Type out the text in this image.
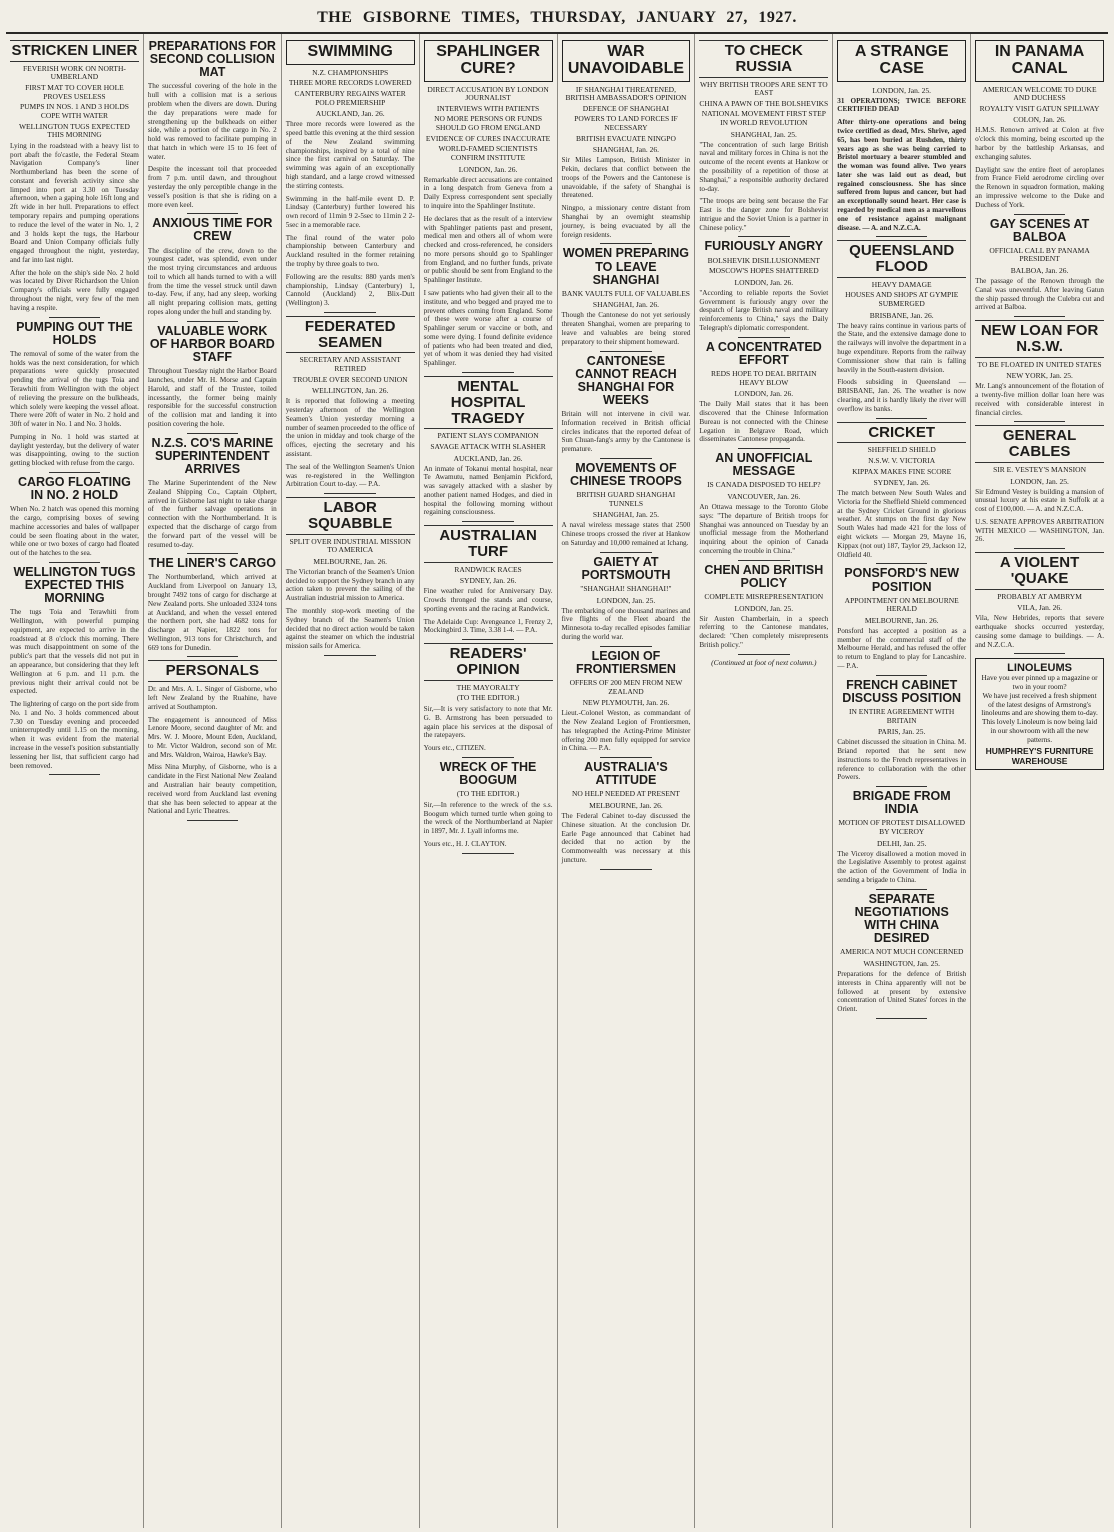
THE GISBORNE TIMES, THURSDAY, JANUARY 27, 1927.
STRICKEN LINER
FEVERISH WORK ON NORTH-UMBERLAND
FIRST MAT TO COVER HOLE PROVES USELESS
PUMPS IN NOS. 1 AND 3 HOLDS COPE WITH WATER
WELLINGTON TUGS EXPECTED THIS MORNING

Lying in the roadstead with a heavy list to port abaft the fo'castle, the Federal Steam Navigation Company's liner Northumberland has been the scene of constant and feverish activity since she limped into port at 3.30 on Tuesday afternoon, when a gaping hole 16ft long and 2ft wide in her hull. Preparations to effect temporary repairs and pumping operations to reduce the level of the water in No. 1, 2 and 3 holds kept the tugs, the Harbour Board and Union Company officials fully engaged throughout the night, yesterday, and far into last night.

After the hole on the ship's side No. 2 hold was located by Diver Richardson the Union Company's officials were fully engaged throughout the night, very few of the men having a respite.

PUMPING OUT THE HOLDS

The removal of some of the water from the holds was the next consideration, for which preparations were quickly prosecuted pending the arrival of the tugs Toia and Terawhiti from Wellington with the object of relieving the pressure on the bulkheads, which solely were keeping the vessel afloat. There were 20ft of water in No. 2 hold and 30ft of water in No. 1 and No. 3 holds.

Pumping in No. 1 hold was started at daylight yesterday, but the delivery of water was disappointing, owing to the suction getting blocked with refuse from the cargo.

CARGO FLOATING IN NO. 2 HOLD

When No. 2 hatch was opened this morning the cargo, comprising boxes of sewing machine accessories and bales of wallpaper could be seen floating about in the water, while one or two boxes of cargo had floated out of the hatches to the sea.

WELLINGTON TUGS EXPECTED THIS MORNING

The tugs Toia and Terawhiti from Wellington, with powerful pumping equipment, are expected to arrive in the roadstead at 8 o'clock this morning. There was much disappointment on some of the public's part that the vessels did not put in an appearance, but considering that they left Wellington at 6 p.m. and 11 p.m. the previous night their arrival could not be expected.

The lightering of cargo on the port side from No. 1 and No. 3 holds commenced about 7.30 on Tuesday evening and proceeded uninterruptedly until 1.15 on the morning, when it was evident from the material increase in the vessel's position substantially lessening her list, that sufficient cargo had been removed.

PREPARATIONS FOR SECOND COLLISION MAT

The successful covering of the hole in the hull with a collision mat is a serious problem when the divers are down. During the day preparations were made for strengthening up the bulkheads on either side, while a portion of the cargo in No. 2 hold was removed to facilitate pumping in that hatch in which were 15 to 16 feet of water.

Despite the incessant toil that proceeded from 7 p.m. until dawn, and throughout yesterday the only perceptible change in the vessel's position is that she is riding on a more even keel.

ANXIOUS TIME FOR CREW

The discipline of the crew, down to the youngest cadet, was splendid, even under the most trying circumstances and arduous toil to which all hands turned to with a will from the time the vessel struck until dawn to-day. Few, if any, had any sleep, working all night preparing collision mats, getting ropes along under the hull and standing by.

VALUABLE WORK OF HARBOR BOARD STAFF

Throughout Tuesday night the Harbor Board launches, under Mr. H. Morse and Captain Harold, and staff of the Trustee, toiled incessantly, the former being mainly responsible for the successful construction of the collision mat and landing it into position covering the hole.

N.Z.S. CO'S MARINE SUPERINTENDENT ARRIVES

The Marine Superintendent of the New Zealand Shipping Co., Captain Olphert, arrived in Gisborne last night to take charge of the further salvage operations in connection with the Northumberland. It is expected that the discharge of cargo from the forward part of the vessel will be resumed to-day.

THE LINER'S CARGO

The Northumberland, which arrived at Auckland from Liverpool on January 13, brought 7492 tons of cargo for discharge at New Zealand ports. She unloaded 3324 tons at Auckland, and when the vessel entered the northern port, she had 4682 tons for discharge at Napier, 1822 tons for Wellington, 913 tons for Christchurch, and 669 tons for Dunedin.

PERSONALS

Dr. and Mrs. A. L. Singer of Gisborne, who left New Zealand by the Ruahine, have arrived at Southampton.

The engagement is announced of Miss Lenore Moore, second daughter of Mr. and Mrs. W. J. Moore, Mount Eden, Auckland, to Mr. Victor Waldron, second son of Mr. and Mrs. Waldron, Wairoa, Hawke's Bay.

Miss Nina Murphy, of Gisborne, who is a candidate in the First National New Zealand and Australian hair beauty competition, received word from Auckland last evening that she has been selected to appear at the National and Lyric Theatres.

SWIMMING
N.Z. CHAMPIONSHIPS
THREE MORE RECORDS LOWERED
CANTERBURY REGAINS WATER POLO PREMIERSHIP
AUCKLAND, Jan. 26.

Three more records were lowered as the speed battle this evening at the third session of the New Zealand swimming championships, inspired by a total of nine since the first carnival on Saturday. The swimming was again of an exceptionally high standard, and a large crowd witnessed the stirring contests.

Swimming in the half-mile event D. P. Lindsay (Canterbury) further lowered his own record of 11min 9 2-5sec to 11min 2 2-5sec in a memorable race.

The final round of the water polo championship between Canterbury and Auckland resulted in the former retaining the trophy by three goals to two.

Following are the results: 880 yards men's championship, Lindsay (Canterbury) 1, Cannold (Auckland) 2, Blix-Dutt (Wellington) 3.

FEDERATED SEAMEN
SECRETARY AND ASSISTANT RETIRED
TROUBLE OVER SECOND UNION
WELLINGTON, Jan. 26.

It is reported that following a meeting yesterday afternoon of the Wellington Seamen's Union yesterday morning a number of seamen proceeded to the office of the union in midday and took charge of the offices, ejecting the secretary and his assistant.

The seal of the Wellington Seamen's Union was re-registered in the Wellington Arbitration Court to-day. — P.A.

LABOR SQUABBLE
SPLIT OVER INDUSTRIAL MISSION TO AMERICA
MELBOURNE, Jan. 26.

The Victorian branch of the Seamen's Union decided to support the Sydney branch in any action taken to prevent the sailing of the Australian industrial mission to America.

The monthly stop-work meeting of the Sydney branch of the Seamen's Union decided that no direct action would be taken against the steamer on which the industrial mission sails for America.

SPAHLINGER CURE?
DIRECT ACCUSATION BY LONDON JOURNALIST
INTERVIEWS WITH PATIENTS
NO MORE PERSONS OR FUNDS SHOULD GO FROM ENGLAND
EVIDENCE OF CURES INACCURATE
WORLD-FAMED SCIENTISTS CONFIRM INSTITUTE
LONDON, Jan. 26.

Remarkable direct accusations are contained in a long despatch from Geneva from a Daily Express correspondent sent specially to inquire into the Spahlinger Institute.

He declares that as the result of a interview with Spahlinger patients past and present, medical men and others all of whom were checked and cross-referenced, he considers no more persons should go to Spahlinger from England, and no further funds, private or public should be sent from England to the Spahlinger Institute.

I saw patients who had given their all to the institute, and who begged and prayed me to prevent others coming from England. Some of these were worse after a course of Spahlinger serum or vaccine or both, and some were dying. I found definite evidence of patients who had been treated and died, yet of whom it was denied they had visited Spahlinger.

MENTAL HOSPITAL TRAGEDY
PATIENT SLAYS COMPANION
SAVAGE ATTACK WITH SLASHER
AUCKLAND, Jan. 26.

An inmate of Tokanui mental hospital, near Te Awamutu, named Benjamin Pickford, was savagely attacked with a slasher by another patient named Hodges, and died in hospital the following morning without regaining consciousness.

AUSTRALIAN TURF
RANDWICK RACES
SYDNEY, Jan. 26.

Fine weather ruled for Anniversary Day. Crowds thronged the stands and course, sporting events and the racing at Randwick.

The Adelaide Cup: Avengeance 1, Frenzy 2, Mockingbird 3. Time, 3.38 1-4. — P.A.

READERS' OPINION
THE MAYORALTY
(TO THE EDITOR.)

Sir,—It is very satisfactory to note that Mr. G. B. Armstrong has been persuaded to again place his services at the disposal of the ratepayers.

Yours etc., CITIZEN.

WRECK OF THE BOOGUM
(TO THE EDITOR.)

Sir,—In reference to the wreck of the s.s. Boogum which turned turtle when going to the wreck of the Northumberland at Napier in 1897, Mr. J. Lyall informs me.

Yours etc., H. J. CLAYTON.

WAR UNAVOIDABLE
IF SHANGHAI THREATENED, BRITISH AMBASSADOR'S OPINION
DEFENCE OF SHANGHAI
POWERS TO LAND FORCES IF NECESSARY
BRITISH EVACUATE NINGPO
SHANGHAI, Jan. 26.

Sir Miles Lampson, British Minister in Pekin, declares that conflict between the troops of the Powers and the Cantonese is unavoidable, if the safety of Shanghai is threatened.

Ningpo, a missionary centre distant from Shanghai by an overnight steamship journey, is being evacuated by all the foreign residents.

WOMEN PREPARING TO LEAVE SHANGHAI
BANK VAULTS FULL OF VALUABLES
SHANGHAI, Jan. 26.

Though the Cantonese do not yet seriously threaten Shanghai, women are preparing to leave and valuables are being stored preparatory to their shipment homeward.

CANTONESE CANNOT REACH SHANGHAI FOR WEEKS

Britain will not intervene in civil war. Information received in British official circles indicates that the reported defeat of Sun Chuan-fang's army by the Cantonese is premature.

MOVEMENTS OF CHINESE TROOPS
BRITISH GUARD SHANGHAI TUNNELS
SHANGHAI, Jan. 25.

A naval wireless message states that 2500 Chinese troops crossed the river at Hankow on Saturday and 10,000 remained at Ichang.

GAIETY AT PORTSMOUTH
"SHANGHAI! SHANGHAI!"
LONDON, Jan. 25.

The embarking of one thousand marines and five flights of the Fleet aboard the Minnesota to-day recalled episodes familiar during the world war.

LEGION OF FRONTIERSMEN
OFFERS OF 200 MEN FROM NEW ZEALAND
NEW PLYMOUTH, Jan. 26.

Lieut.-Colonel Weston, as commandant of the New Zealand Legion of Frontiersmen, has telegraphed the Acting-Prime Minister offering 200 men fully equipped for service in China. — P.A.

AUSTRALIA'S ATTITUDE
NO HELP NEEDED AT PRESENT
MELBOURNE, Jan. 26.

The Federal Cabinet to-day discussed the Chinese situation. At the conclusion Dr. Earle Page announced that Cabinet had decided that no action by the Commonwealth was necessary at this juncture.

TO CHECK RUSSIA
WHY BRITISH TROOPS ARE SENT TO EAST
CHINA A PAWN OF THE BOLSHEVIKS
NATIONAL MOVEMENT FIRST STEP IN WORLD REVOLUTION
SHANGHAI, Jan. 25.

"The concentration of such large British naval and military forces in China is not the outcome of the recent events at Hankow or the possibility of a repetition of those at Shanghai," a responsible authority declared to-day.

"The troops are being sent because the Far East is the danger zone for Bolshevist intrigue and the Soviet Union is a partner in Chinese policy."

FURIOUSLY ANGRY
BOLSHEVIK DISILLUSIONMENT
MOSCOW'S HOPES SHATTERED
LONDON, Jan. 26.

"According to reliable reports the Soviet Government is furiously angry over the despatch of large British naval and military reinforcements to China," says the Daily Telegraph's diplomatic correspondent.

A CONCENTRATED EFFORT
REDS HOPE TO DEAL BRITAIN HEAVY BLOW
LONDON, Jan. 26.

The Daily Mail states that it has been discovered that the Chinese Information Bureau is not connected with the Chinese Legation in Belgrave Road, which disseminates Cantonese propaganda.

AN UNOFFICIAL MESSAGE
IS CANADA DISPOSED TO HELP?
VANCOUVER, Jan. 26.

An Ottawa message to the Toronto Globe says: "The departure of British troops for Shanghai was announced on Tuesday by an unofficial message from the Motherland inquiring about the opinion of Canada concerning the trouble in China."

CHEN AND BRITISH POLICY
COMPLETE MISREPRESENTATION
LONDON, Jan. 25.

Sir Austen Chamberlain, in a speech referring to the Cantonese mandates, declared: "Chen completely misrepresents British policy."

(Continued at foot of next column.)
A STRANGE CASE
LONDON, Jan. 25.

31 OPERATIONS; TWICE BEFORE CERTIFIED DEAD

After thirty-one operations and being twice certified as dead, Mrs. Shrive, aged 65, has been buried at Rushden, thirty years ago as she was being carried to Bristol mortuary a bearer stumbled and the woman was found alive. Two years later she was laid out as dead, but regained consciousness. She has since suffered from lupus and cancer, but had an exceptionally sound heart. Her case is regarded by medical men as a marvellous one of resistance against malignant disease. — A. and N.Z.C.A.

QUEENSLAND FLOOD
HEAVY DAMAGE
HOUSES AND SHOPS AT GYMPIE SUBMERGED
BRISBANE, Jan. 26.

The heavy rains continue in various parts of the State, and the extensive damage done to the railways will involve the department in a huge expenditure. Reports from the railway Commissioner show that rain is falling heavily in the South-eastern division.

Floods subsiding in Queensland — BRISBANE, Jan. 26. The weather is now clearing, and it is hardly likely the river will overflow its banks.

CRICKET
SHEFFIELD SHIELD
N.S.W. V. VICTORIA
KIPPAX MAKES FINE SCORE
SYDNEY, Jan. 26.

The match between New South Wales and Victoria for the Sheffield Shield commenced at the Sydney Cricket Ground in glorious weather. At stumps on the first day New South Wales had made 421 for the loss of eight wickets — Morgan 29, Mayne 16, Kippax (not out) 187, Taylor 29, Jackson 12, Oldfield 40.

PONSFORD'S NEW POSITION
APPOINTMENT ON MELBOURNE HERALD
MELBOURNE, Jan. 26.

Ponsford has accepted a position as a member of the commercial staff of the Melbourne Herald, and has refused the offer to return to England to play for Lancashire. — P.A.

FRENCH CABINET DISCUSS POSITION
IN ENTIRE AGREEMENT WITH BRITAIN
PARIS, Jan. 25.

Cabinet discussed the situation in China. M. Briand reported that he sent new instructions to the French representatives in reference to collaboration with the other Powers.

BRIGADE FROM INDIA
MOTION OF PROTEST DISALLOWED BY VICEROY
DELHI, Jan. 25.

The Viceroy disallowed a motion moved in the Legislative Assembly to protest against the action of the Government of India in sending a brigade to China.

SEPARATE NEGOTIATIONS WITH CHINA DESIRED
AMERICA NOT MUCH CONCERNED
WASHINGTON, Jan. 25.

Preparations for the defence of British interests in China apparently will not be followed at present by extensive concentration of United States' forces in the Orient.

IN PANAMA CANAL
AMERICAN WELCOME TO DUKE AND DUCHESS
ROYALTY VISIT GATUN SPILLWAY
COLON, Jan. 26.

H.M.S. Renown arrived at Colon at five o'clock this morning, being escorted up the harbor by the battleship Arkansas, and exchanging salutes.

Daylight saw the entire fleet of aeroplanes from France Field aerodrome circling over the Renown in squadron formation, making an impressive welcome to the Duke and Duchess of York.

GAY SCENES AT BALBOA
OFFICIAL CALL BY PANAMA PRESIDENT
BALBOA, Jan. 26.

The passage of the Renown through the Canal was uneventful. After leaving Gatun the ship passed through the Culebra cut and arrived at Balboa.

NEW LOAN FOR N.S.W.
TO BE FLOATED IN UNITED STATES
NEW YORK, Jan. 25.

Mr. Lang's announcement of the flotation of a twenty-five million dollar loan here was received with considerable interest in financial circles.

GENERAL CABLES
SIR E. VESTEY'S MANSION
LONDON, Jan. 25.

Sir Edmund Vestey is building a mansion of unusual luxury at his estate in Suffolk at a cost of £100,000. — A. and N.Z.C.A.

U.S. SENATE APPROVES ARBITRATION WITH MEXICO — WASHINGTON, Jan. 26.

A VIOLENT 'QUAKE
PROBABLY AT AMBRYM
VILA, Jan. 26.

Vila, New Hebrides, reports that severe earthquake shocks occurred yesterday, causing some damage to buildings. — A. and N.Z.C.A.

LINOLEUMS
Have you ever pinned up a magazine or two in your room?
We have just received a fresh shipment of the latest designs of Armstrong's linoleums and are showing them to-day.
This lovely Linoleum is now being laid in our showroom with all the new patterns.
HUMPHREY'S FURNITURE WAREHOUSE
